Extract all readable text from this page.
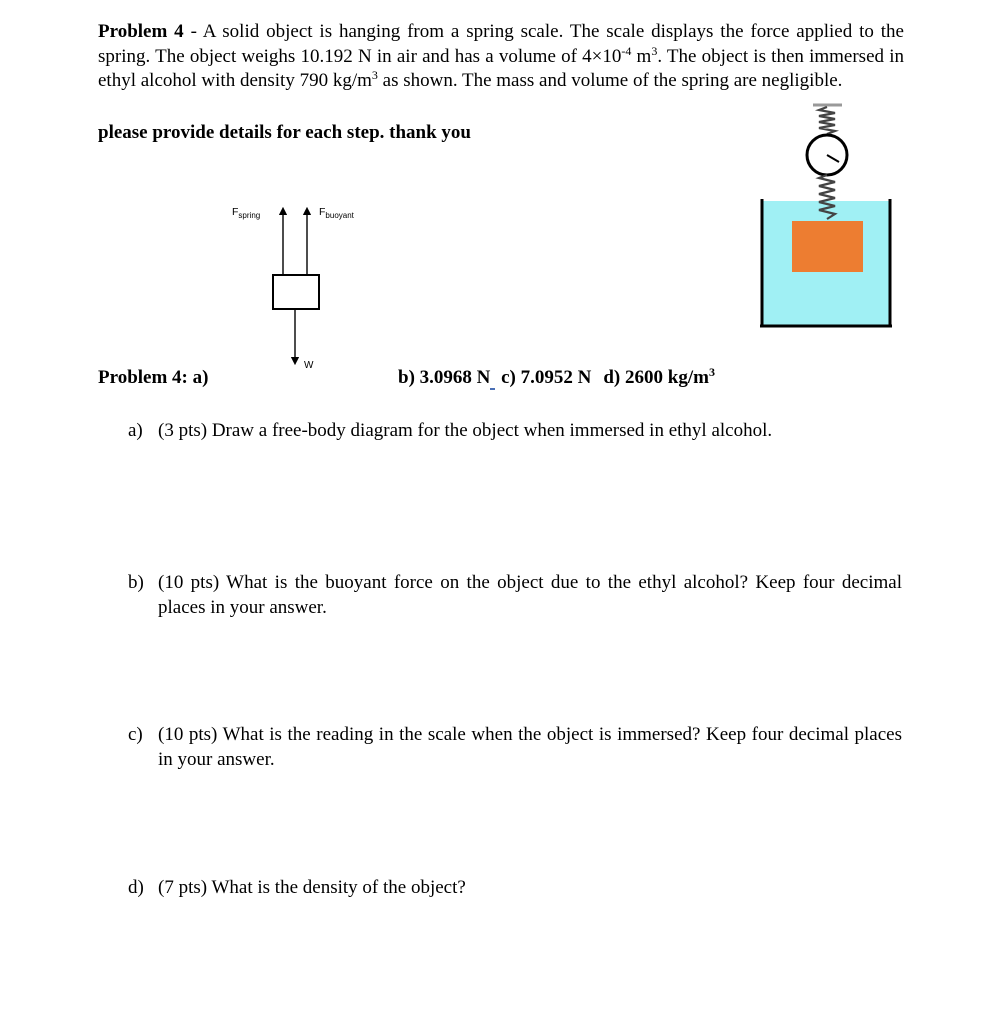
Problem 4 - A solid object is hanging from a spring scale. The scale displays the force applied to the spring. The object weighs 10.192 N in air and has a volume of $4\times 10^{-4}$ $m^3$. The object is then immersed in ethyl alcohol with density 790 $kg/m^3$ as shown. The mass and volume of the spring are negligible.
please provide details for each step. thank you
$F_{spring}$	$F_{buoyant}$
W
Problem 4: a)	b) 3.0968 N c) 7.0952 N d) 2600 $kg/m^3$
a) (3 pts) Draw a free-body diagram for the object when immersed in ethyl alcohol.
b) (10 pts) What is the buoyant force on the object due to the ethyl alcohol? Keep four decimal places in your answer.
c) (10 pts) What is the reading in the scale when the object is immersed? Keep four decimal places in your answer.
d) (7 pts) What is the density of the object?
